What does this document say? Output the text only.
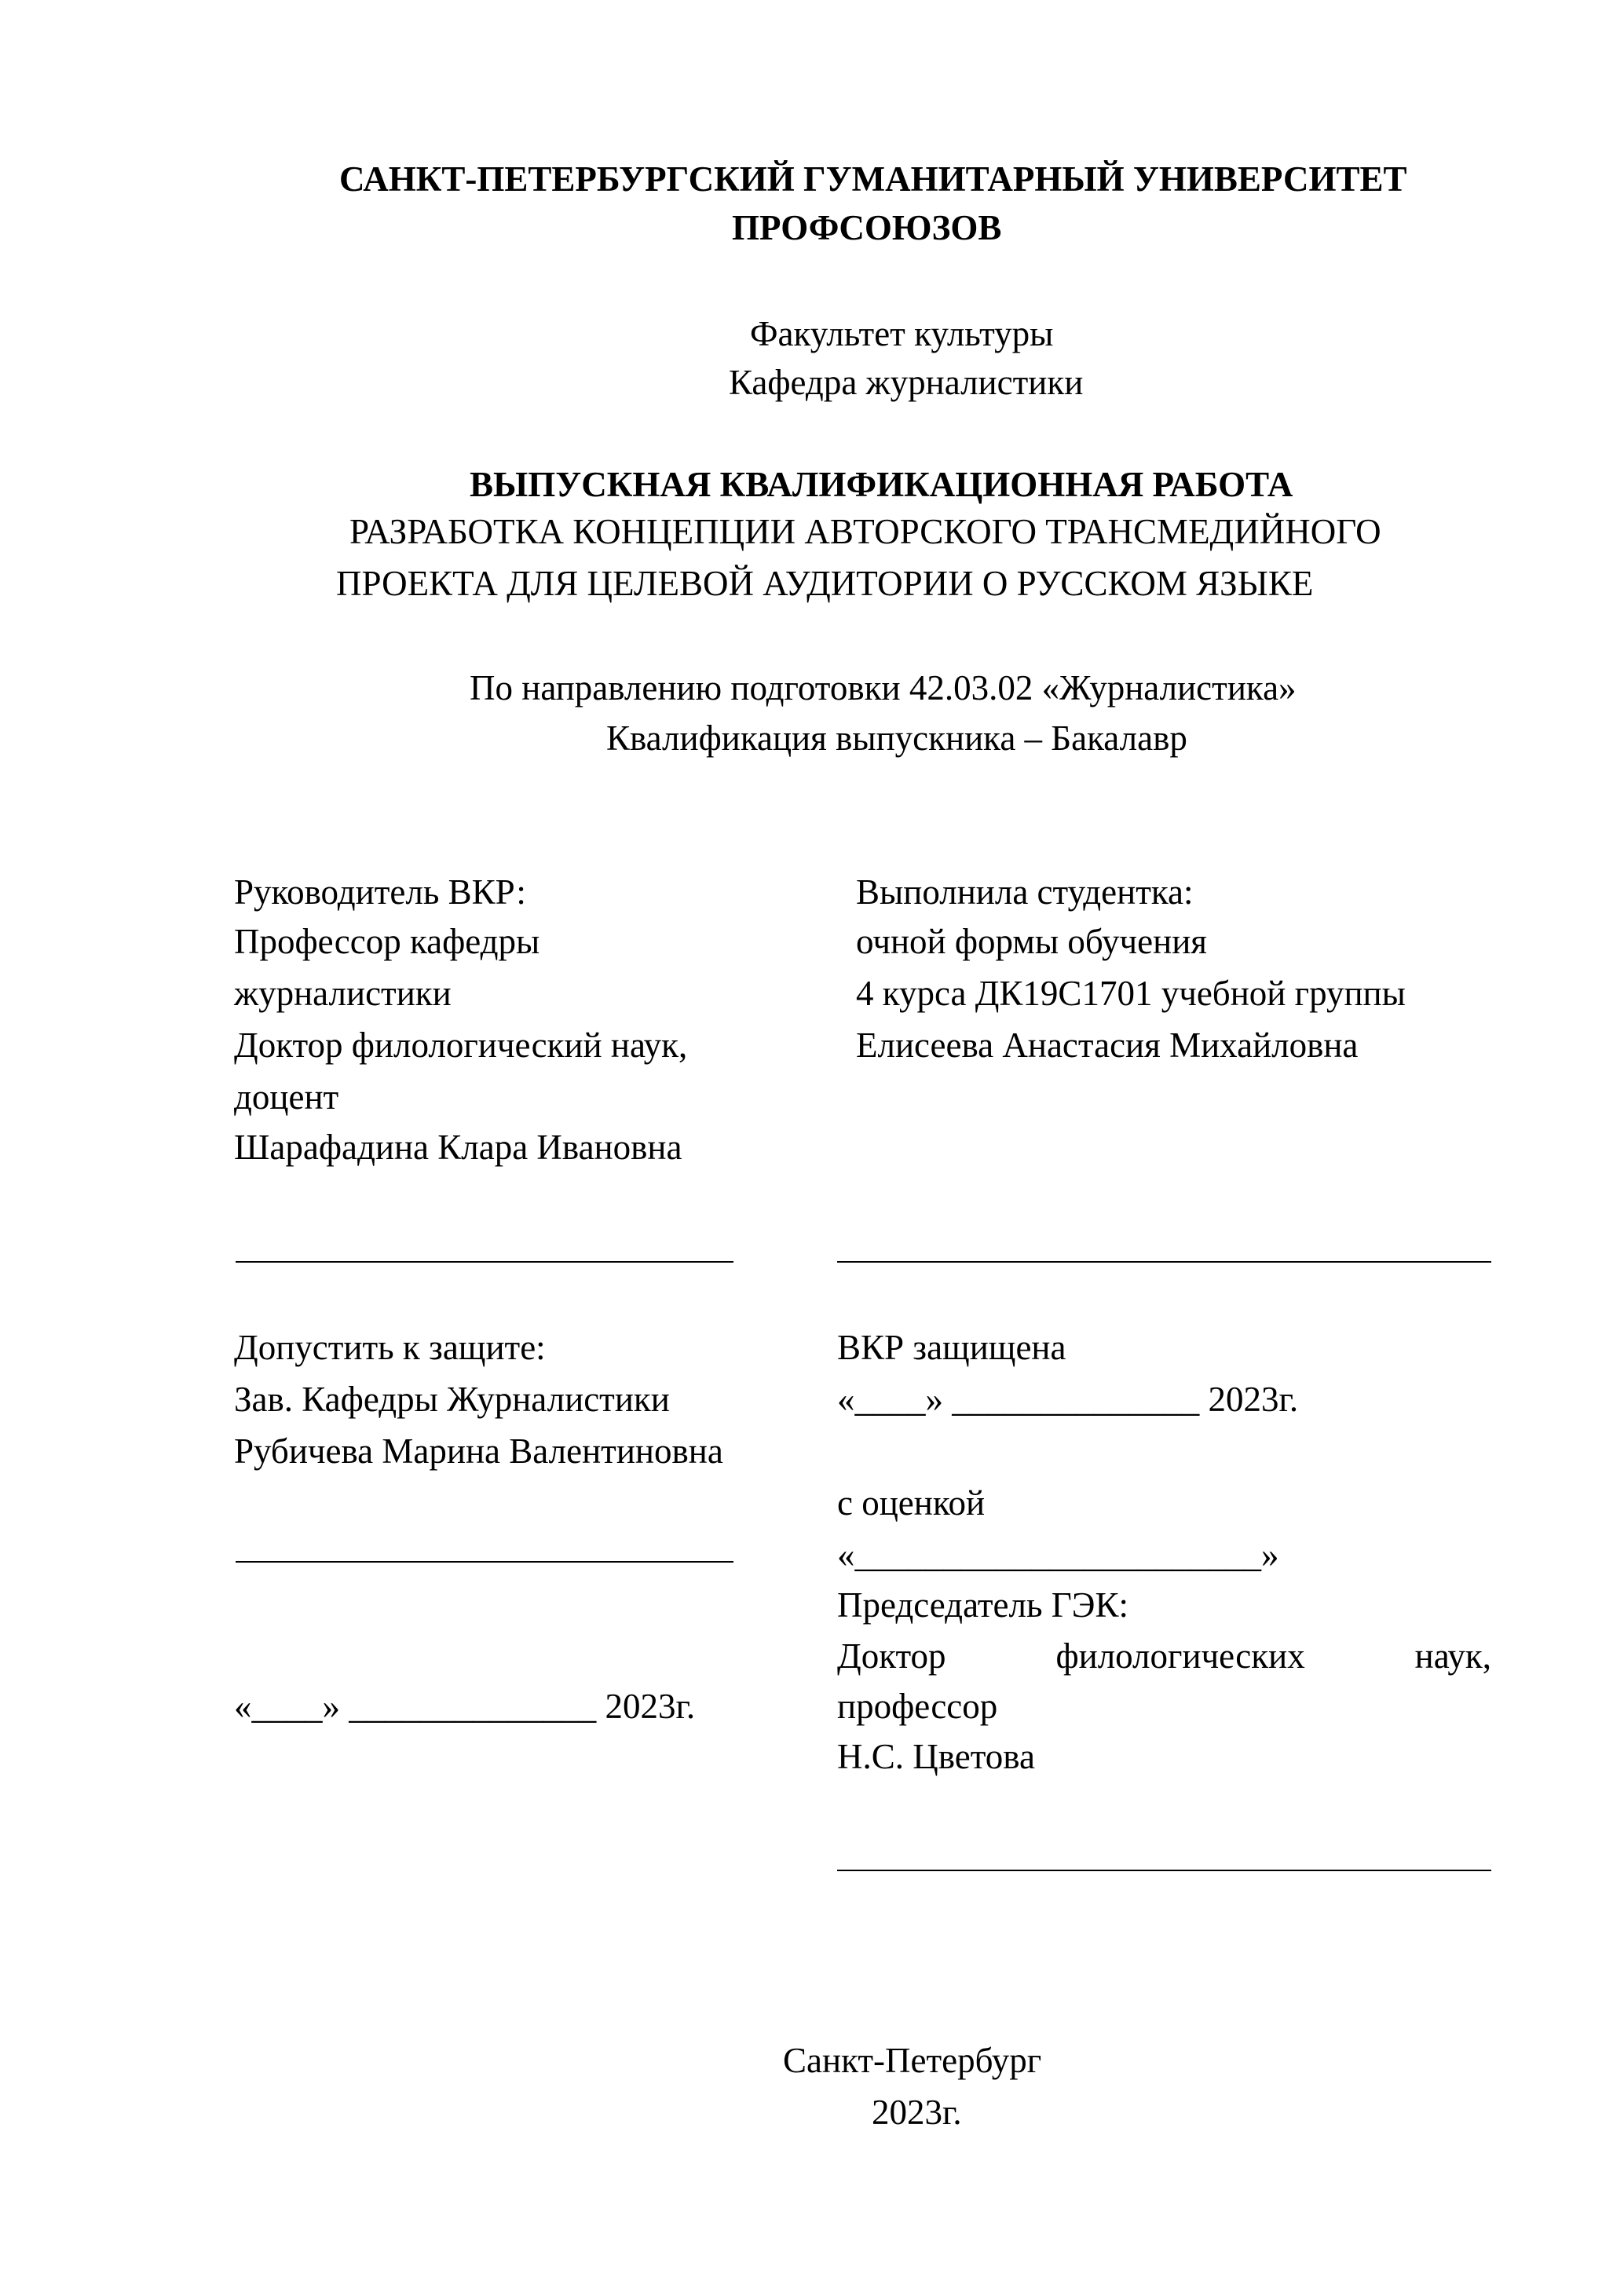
САНКТ-ПЕТЕРБУРГСКИЙ ГУМАНИТАРНЫЙ УНИВЕРСИТЕТ
ПРОФСОЮЗОВ
Факультет культуры
Кафедра журналистики
ВЫПУСКНАЯ КВАЛИФИКАЦИОННАЯ РАБОТА
РАЗРАБОТКА КОНЦЕПЦИИ АВТОРСКОГО ТРАНСМЕДИЙНОГО
ПРОЕКТА ДЛЯ ЦЕЛЕВОЙ АУДИТОРИИ О РУССКОМ ЯЗЫКЕ
По направлению подготовки 42.03.02 «Журналистика»
Квалификация выпускника – Бакалавр
Руководитель ВКР:
Профессор кафедры
журналистики
Доктор филологический наук,
доцент
Шарафадина Клара Ивановна
Выполнила студентка:
очной формы обучения
4 курса ДК19С1701 учебной группы
Елисеева Анастасия Михайловна
Допустить к защите:
Зав. Кафедры Журналистики
Рубичева Марина Валентиновна
«____» ______________ 2023г.
ВКР защищена
«____» ______________ 2023г.
с оценкой
«_______________________»
Председатель ГЭК:
Доктор филологических наук,
профессор
Н.С. Цветова
Санкт-Петербург
2023г.
